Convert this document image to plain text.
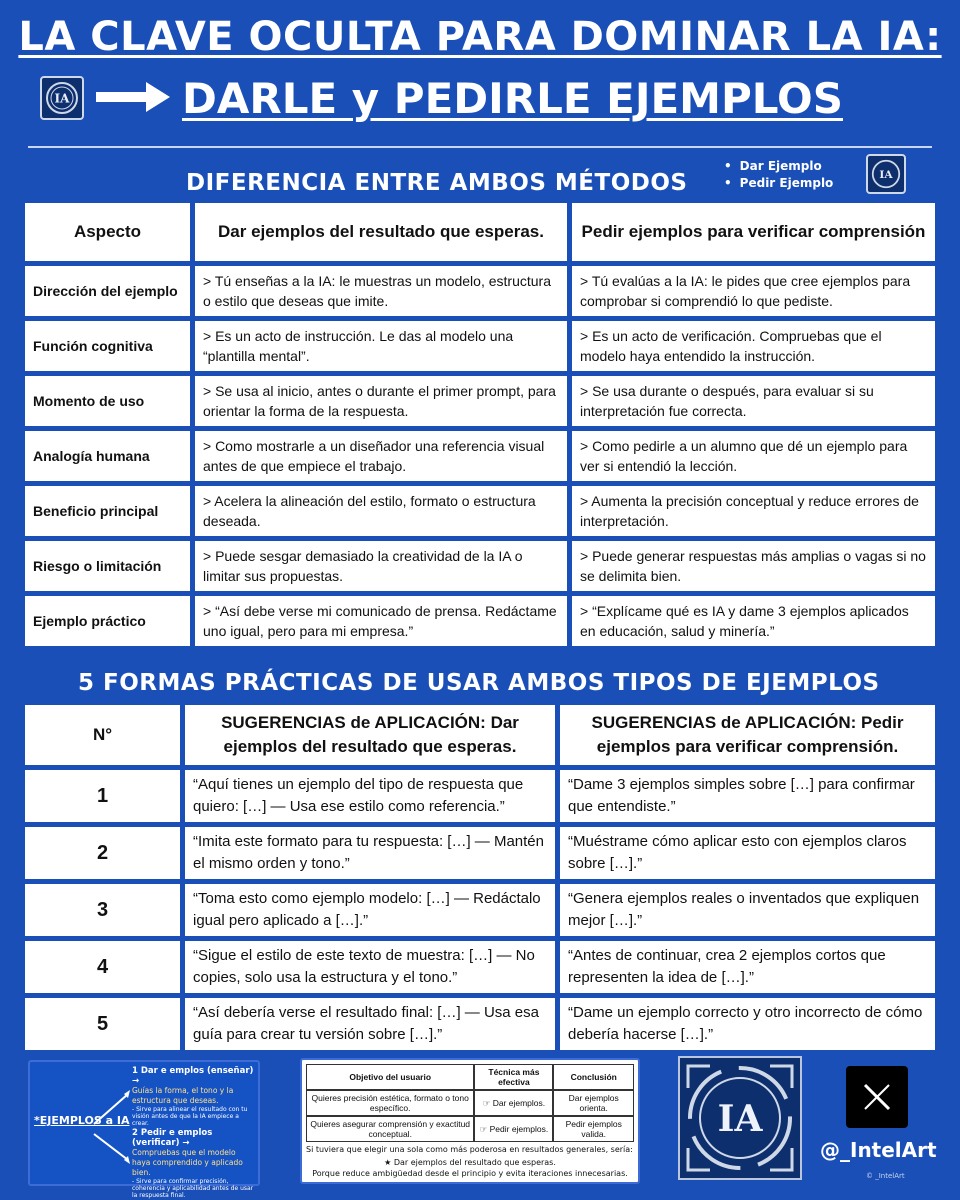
LA CLAVE OCULTA PARA DOMINAR LA IA:
IA	DARLE y PEDIRLE EJEMPLOS
DIFERENCIA ENTRE AMBOS MÉTODOS
• Dar Ejemplo
• Pedir Ejemplo
IA
Aspecto	Dar ejemplos del resultado que esperas.	Pedir ejemplos para verificar comprensión
Dirección del ejemplo	> Tú enseñas a la IA: le muestras un modelo, estructura o estilo que deseas que imite.	> Tú evalúas a la IA: le pides que cree ejemplos para comprobar si comprendió lo que pediste.
Función cognitiva	> Es un acto de instrucción. Le das al modelo una “plantilla mental”.	> Es un acto de verificación. Compruebas que el modelo haya entendido la instrucción.
Momento de uso	> Se usa al inicio, antes o durante el primer prompt, para orientar la forma de la respuesta.	> Se usa durante o después, para evaluar si su interpretación fue correcta.
Analogía humana	> Como mostrarle a un diseñador una referencia visual antes de que empiece el trabajo.	> Como pedirle a un alumno que dé un ejemplo para ver si entendió la lección.
Beneficio principal	> Acelera la alineación del estilo, formato o estructura deseada.	> Aumenta la precisión conceptual y reduce errores de interpretación.
Riesgo o limitación	> Puede sesgar demasiado la creatividad de la IA o limitar sus propuestas.	> Puede generar respuestas más amplias o vagas si no se delimita bien.
Ejemplo práctico	> “Así debe verse mi comunicado de prensa. Redáctame uno igual, pero para mi empresa.”	> “Explícame qué es IA y dame 3 ejemplos aplicados en educación, salud y minería.”
5 FORMAS PRÁCTICAS DE USAR AMBOS TIPOS DE EJEMPLOS
N°	SUGERENCIAS de APLICACIÓN: Dar ejemplos del resultado que esperas.	SUGERENCIAS de APLICACIÓN: Pedir ejemplos para verificar comprensión.
1	“Aquí tienes un ejemplo del tipo de respuesta que quiero: […] — Usa ese estilo como referencia.”	“Dame 3 ejemplos simples sobre […] para confirmar que entendiste.”
2	“Imita este formato para tu respuesta: […] — Mantén el mismo orden y tono.”	“Muéstrame cómo aplicar esto con ejemplos claros sobre […].”
3	“Toma esto como ejemplo modelo: […] — Redáctalo igual pero aplicado a […].”	“Genera ejemplos reales o inventados que expliquen mejor […].”
4	“Sigue el estilo de este texto de muestra: […] — No copies, solo usa la estructura y el tono.”	“Antes de continuar, crea 2 ejemplos cortos que representen la idea de […].”
5	“Así debería verse el resultado final: […] — Usa esa guía para crear tu versión sobre […].”	“Dame un ejemplo correcto y otro incorrecto de cómo debería hacerse […].”
*EJEMPLOS a IA
1 Dar e emplos (enseñar) →
Guías la forma, el tono y la estructura que deseas.
- Sirve para alinear el resultado con tu visión antes de que la IA empiece a crear.
2 Pedir e emplos (verificar) →
Compruebas que el modelo haya comprendido y aplicado bien.
- Sirve para confirmar precisión, coherencia y aplicabilidad antes de usar la respuesta final.
Objetivo del usuario	Técnica más efectiva	Conclusión
Quieres precisión estética, formato o tono específico.	☞ Dar ejemplos.	Dar ejemplos orienta.
Quieres asegurar comprensión y exactitud conceptual.	☞ Pedir ejemplos.	Pedir ejemplos valida.
Si tuviera que elegir una sola como más poderosa en resultados generales, sería:
★ Dar ejemplos del resultado que esperas.
Porque reduce ambigüedad desde el principio y evita iteraciones innecesarias.
IA
@_IntelArt
© _IntelArt
